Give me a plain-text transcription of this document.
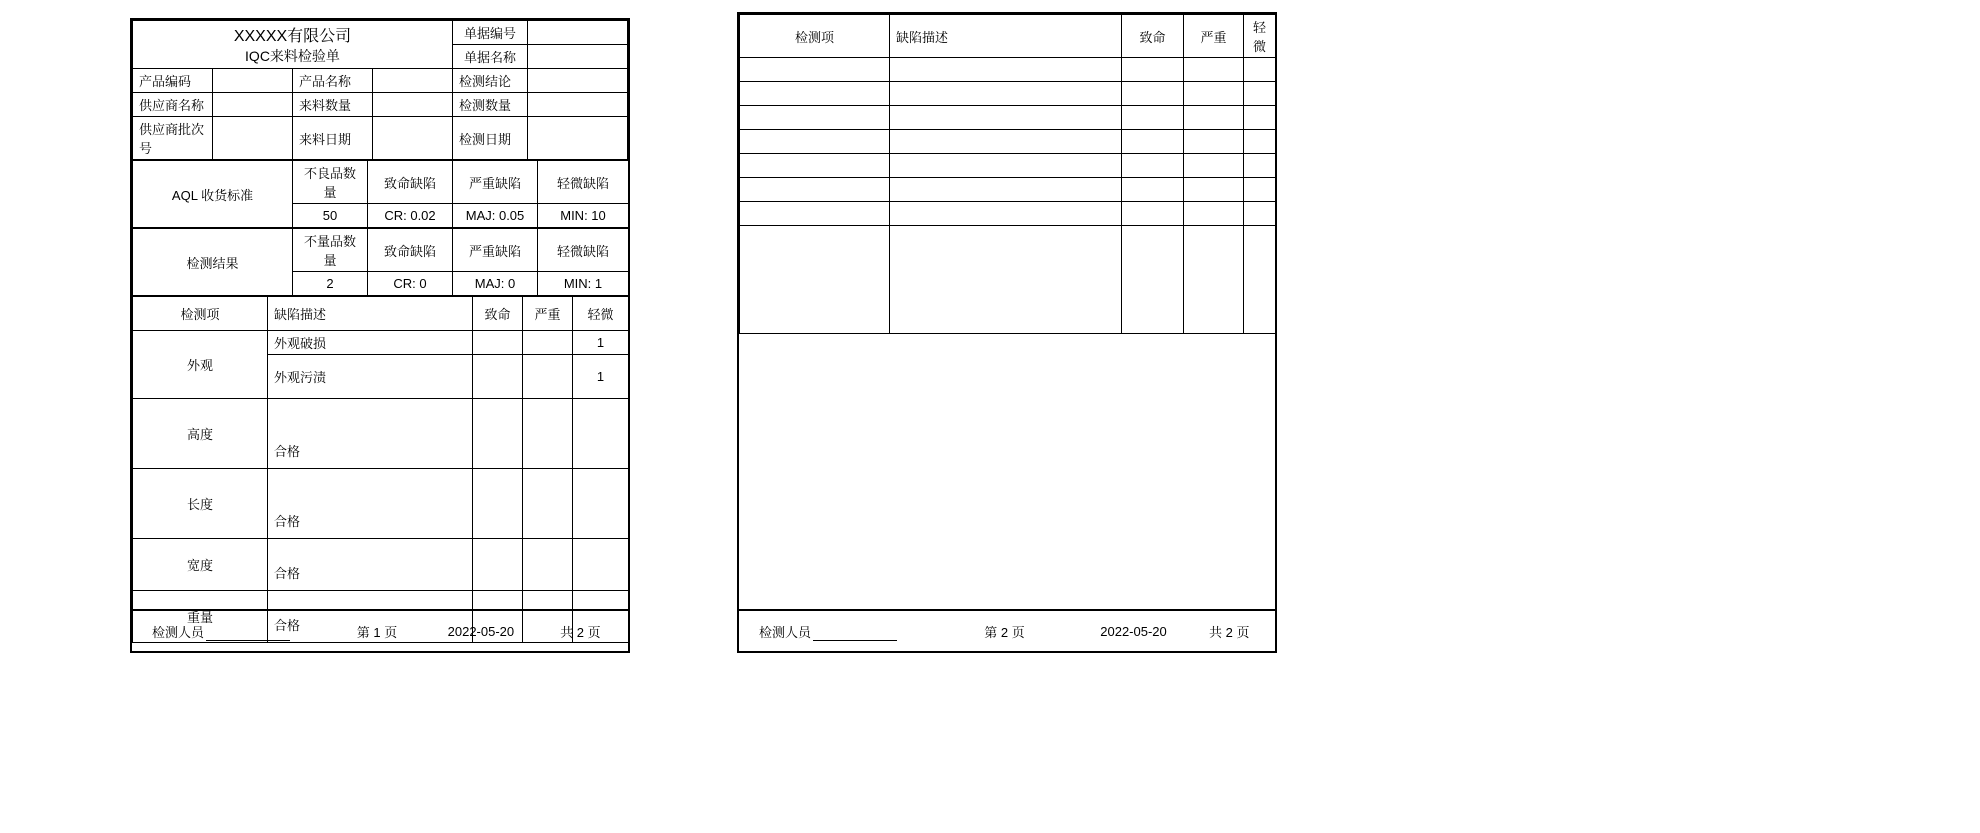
XXXXX有限公司
IQC来料检验单				单据编号	
				单据名称	
产品编码		产品名称		检测结论	
供应商名称		来料数量		检测数量	
供应商批次号		来料日期		检测日期	
AQL 收货标准	不良品数量	致命缺陷	严重缺陷	轻微缺陷
	50	CR: 0.02	MAJ: 0.05	MIN: 10
检测结果	不量品数量	致命缺陷	严重缺陷	轻微缺陷
	2	CR: 0	MAJ: 0	MIN: 1
检测项	缺陷描述	致命	严重	轻微
外观	外观破损			1
	外观污渍			1
高度	合格			
长度	合格			
宽度	合格			
重量	合格			
检测人员	第 1 页	2022-05-20	共 2 页
检测项	缺陷描述	致命	严重	轻微

检测人员	第 2 页	2022-05-20	共 2 页
